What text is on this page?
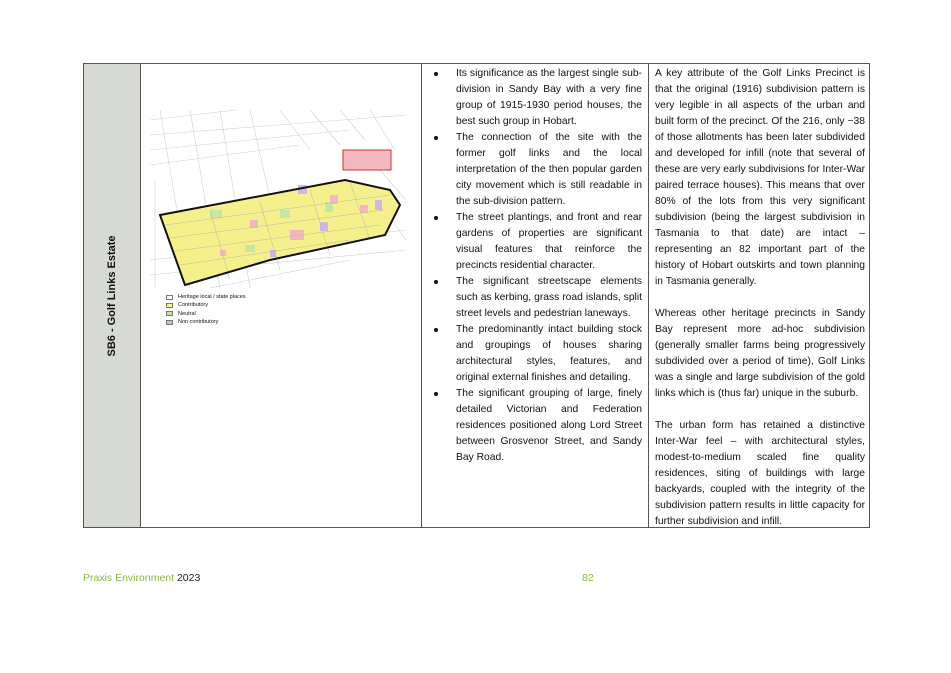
SB6 - Golf Links Estate	Heritage local / state places
Contributory
Neutral
Non contributory
Its significance as the largest single sub-division in Sandy Bay with a very fine group of 1915-1930 period houses, the best such group in Hobart.
The connection of the site with the former golf links and the local interpretation of the then popular garden city movement which is still readable in the sub-division pattern.
The street plantings, and front and rear gardens of properties are significant visual features that reinforce the precincts residential character.
The significant streetscape elements such as kerbing, grass road islands, split street levels and pedestrian laneways.
The predominantly intact building stock and groupings of houses sharing architectural styles, features, and original external finishes and detailing.
The significant grouping of large, finely detailed Victorian and Federation residences positioned along Lord Street between Grosvenor Street, and Sandy Bay Road.

A key attribute of the Golf Links Precinct is that the original (1916) subdivision pattern is very legible in all aspects of the urban and built form of the precinct. Of the 216, only ~38 of those allotments has been later subdivided and developed for infill (note that several of these are very early subdivisions for Inter-War paired terrace houses). This means that over 80% of the lots from this very significant subdivision (being the largest subdivision in Tasmania to that date) are intact – representing an 82 important part of the history of Hobart outskirts and town planning in Tasmania generally.

Whereas other heritage precincts in Sandy Bay represent more ad-hoc subdivision (generally smaller farms being progressively subdivided over a period of time), Golf Links was a single and large subdivision of the gold links which is (thus far) unique in the suburb.

The urban form has retained a distinctive Inter-War feel – with architectural styles, modest-to-medium scaled fine quality residences, siting of buildings with large backyards, coupled with the integrity of the subdivision pattern results in little capacity for further subdivision and infill.

Praxis Environment 2023	82
